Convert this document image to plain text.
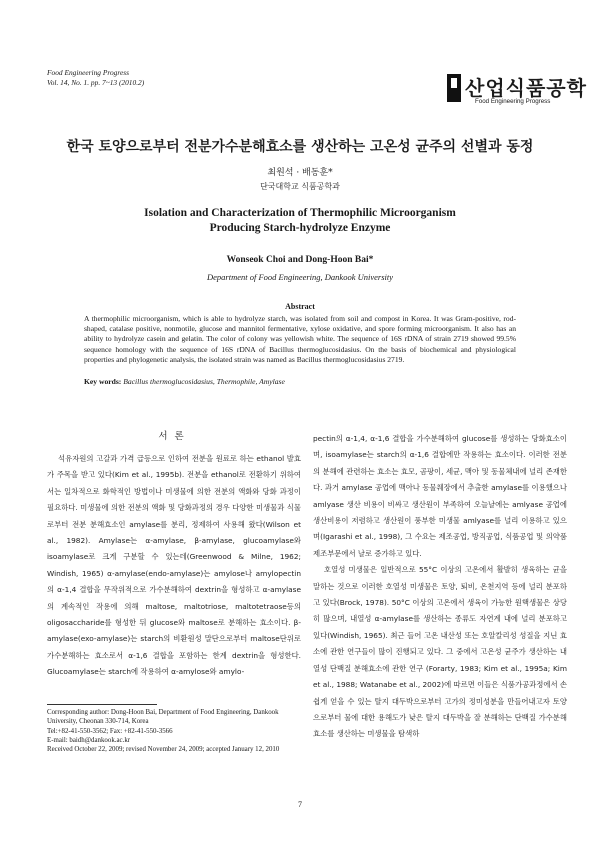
Food Engineering Progress
Vol. 14, No. 1. pp. 7~13 (2010.2)	산업식품공학
Food Engineering Progress
한국 토양으로부터 전분가수분해효소를 생산하는 고온성 균주의 선별과 동정
최원석 · 배동훈*
단국대학교 식품공학과
Isolation and Characterization of Thermophilic Microorganism
Producing Starch-hydrolyze Enzyme
Wonseok Choi and Dong-Hoon Bai*
Department of Food Engineering, Dankook University
Abstract
A thermophilic microorganism, which is able to hydrolyze starch, was isolated from soil and compost in Korea. It was Gram-positive, rod-shaped, catalase positive, nonmotile, glucose and mannitol fermentative, xylose oxidative, and spore forming microorganism. It also has an ability to hydrolyze casein and gelatin. The color of colony was yellowish white. The sequence of 16S rDNA of strain 2719 showed 99.5% sequence homology with the sequence of 16S rDNA of Bacillus thermoglucosidasius. On the basis of biochemical and physiological properties and phylogenetic analysis, the isolated strain was named as Bacillus thermoglucosidasius 2719.
Key words: Bacillus thermoglucosidasius, Thermophile, Amylase
서 론

석유자원의 고갈과 가격 급등으로 인하여 전분을 원료로 하는 ethanol 발효가 주목을 받고 있다(Kim et al., 1995b). 전분을 ethanol로 전환하기 위하여서는 일차적으로 화학적인 방법이나 미생물에 의한 전분의 액화와 당화 과정이 필요하다. 미생물에 의한 전분의 액화 및 당화과정의 경우 다양한 미생물과 식물로부터 전분 분해효소인 amylase를 분리, 정제하여 사용해 왔다(Wilson et al., 1982). Amylase는 α-amylase, β-amylase, glucoamylase와 isoamylase로 크게 구분할 수 있는데(Greenwood & Milne, 1962; Windish, 1965) α-amylase(endo-amylase)는 amylose나 amylopectin의 α-1,4 결합을 무작위적으로 가수분해하여 dextrin을 형성하고 α-amylase의 계속적인 작용에 의해 maltose, maltotriose, maltotetraose등의 oligosaccharide를 형성한 뒤 glucose와 maltose로 분해하는 효소이다. β-amylase(exo-amylase)는 starch의 비환원성 말단으로부터 maltose단위로 가수분해하는 효소로서 α-1,6 결합을 포함하는 한계 dextrin을 형성한다. Glucoamylase는 starch에 작용하여 α-amylose와 amylo-

pectin의 α-1,4, α-1,6 결합을 가수분해하여 glucose를 생성하는 당화효소이며, isoamylase는 starch의 α-1,6 결합에만 작용하는 효소이다. 이러한 전분의 분해에 관련하는 효소는 효모, 곰팡이, 세균, 맥아 및 동물체내에 널리 존재한다. 과거 amylase 공업에 맥아나 동물췌장에서 추출한 amylase를 이용했으나 amlyase 생산 비용이 비싸고 생산원이 부족하여 오늘날에는 amlyase 공업에 생산비용이 저렴하고 생산원이 풍부한 미생물 amlyase를 널리 이용하고 있으며(Igarashi et al., 1998), 그 수요는 제조공업, 방직공업, 식품공업 및 의약품 제조부문에서 날로 증가하고 있다.

호열성 미생물은 일반적으로 55°C 이상의 고온에서 활발히 생육하는 균을 말하는 것으로 이러한 호열성 미생물은 토양, 퇴비, 온천지역 등에 널리 분포하고 있다(Brock, 1978). 50°C 이상의 고온에서 생육이 가능한 원핵생물은 상당히 많으며, 내열성 α-amylase를 생산하는 종류도 자연계 내에 널리 분포하고 있다(Windish, 1965). 최근 들어 고온 내산성 또는 호알칼리성 성질을 지닌 효소에 관한 연구들이 많이 진행되고 있다. 그 중에서 고온성 균주가 생산하는 내열성 단백질 분해효소에 관한 연구 (Forarty, 1983; Kim et al., 1995a; Kim et al., 1988; Watanabe et al., 2002)에 따르면 이들은 식품가공과정에서 손쉽게 얻을 수 있는 탈지 대두박으로부터 고가의 정미성분을 만들어내고자 토양으로부터 물에 대한 용해도가 낮은 탈지 대두박을 잘 분해하는 단백질 가수분해 효소를 생산하는 미생물을 탐색하

Corresponding author: Dong-Hoon Bai, Department of Food Engineering, Dankook University, Cheonan 330-714, Korea
Tel:+82-41-550-3562; Fax: +82-41-550-3566
E-mail: baidh@dankook.ac.kr
Received October 22, 2009; revised November 24, 2009; accepted January 12, 2010
7
